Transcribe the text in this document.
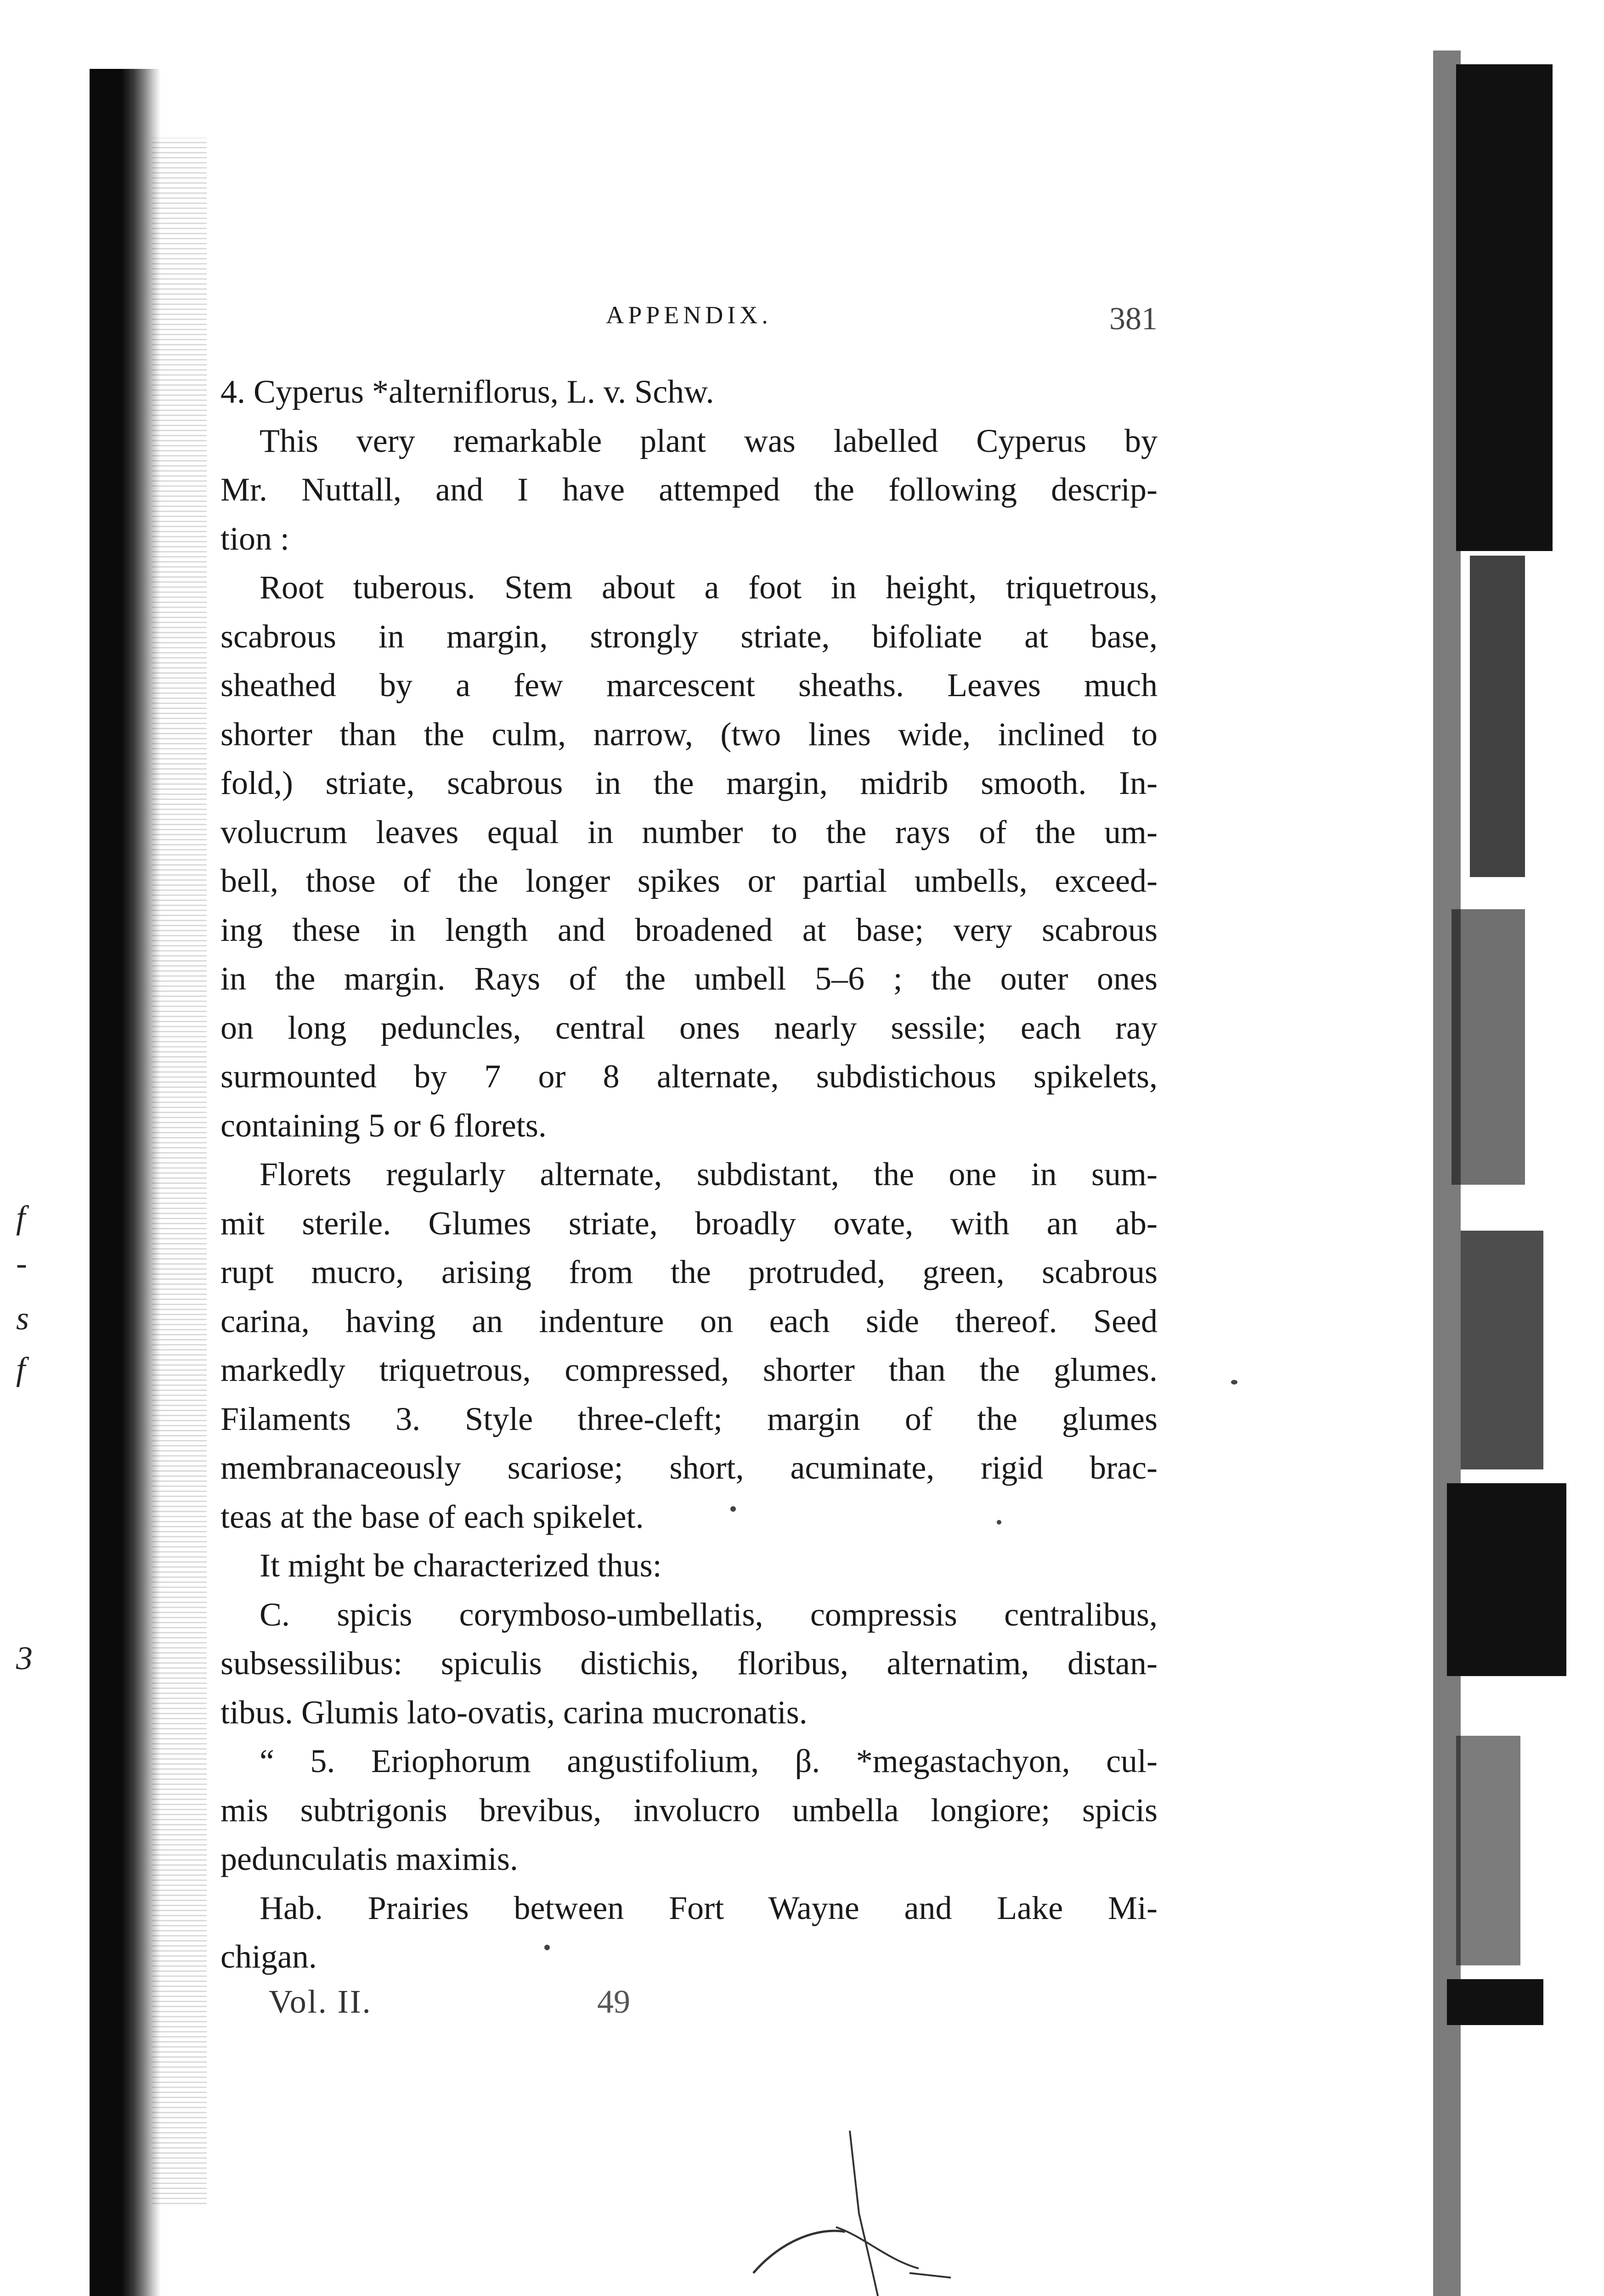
f
-
s
f
3
APPENDIX.	381
4. Cyperus *alterniflorus, L. v. Schw.
This very remarkable plant was labelled Cyperus by
Mr. Nuttall, and I have attemped the following descrip-
tion :
Root tuberous. Stem about a foot in height, triquetrous,
scabrous in margin, strongly striate, bifoliate at base,
sheathed by a few marcescent sheaths. Leaves much
shorter than the culm, narrow, (two lines wide, inclined to
fold,) striate, scabrous in the margin, midrib smooth. In-
volucrum leaves equal in number to the rays of the um-
bell, those of the longer spikes or partial umbells, exceed-
ing these in length and broadened at base; very scabrous
in the margin. Rays of the umbell 5–6 ; the outer ones
on long peduncles, central ones nearly sessile; each ray
surmounted by 7 or 8 alternate, subdistichous spikelets,
containing 5 or 6 florets.
Florets regularly alternate, subdistant, the one in sum-
mit sterile. Glumes striate, broadly ovate, with an ab-
rupt mucro, arising from the protruded, green, scabrous
carina, having an indenture on each side thereof. Seed
markedly triquetrous, compressed, shorter than the glumes.
Filaments 3. Style three-cleft; margin of the glumes
membranaceously scariose; short, acuminate, rigid brac-
teas at the base of each spikelet.
It might be characterized thus:
C. spicis corymboso-umbellatis, compressis centralibus,
subsessilibus: spiculis distichis, floribus, alternatim, distan-
tibus. Glumis lato-ovatis, carina mucronatis.
“ 5. Eriophorum angustifolium, β. *megastachyon, cul-
mis subtrigonis brevibus, involucro umbella longiore; spicis
pedunculatis maximis.
Hab. Prairies between Fort Wayne and Lake Mi-
chigan.
Vol. II.	49
